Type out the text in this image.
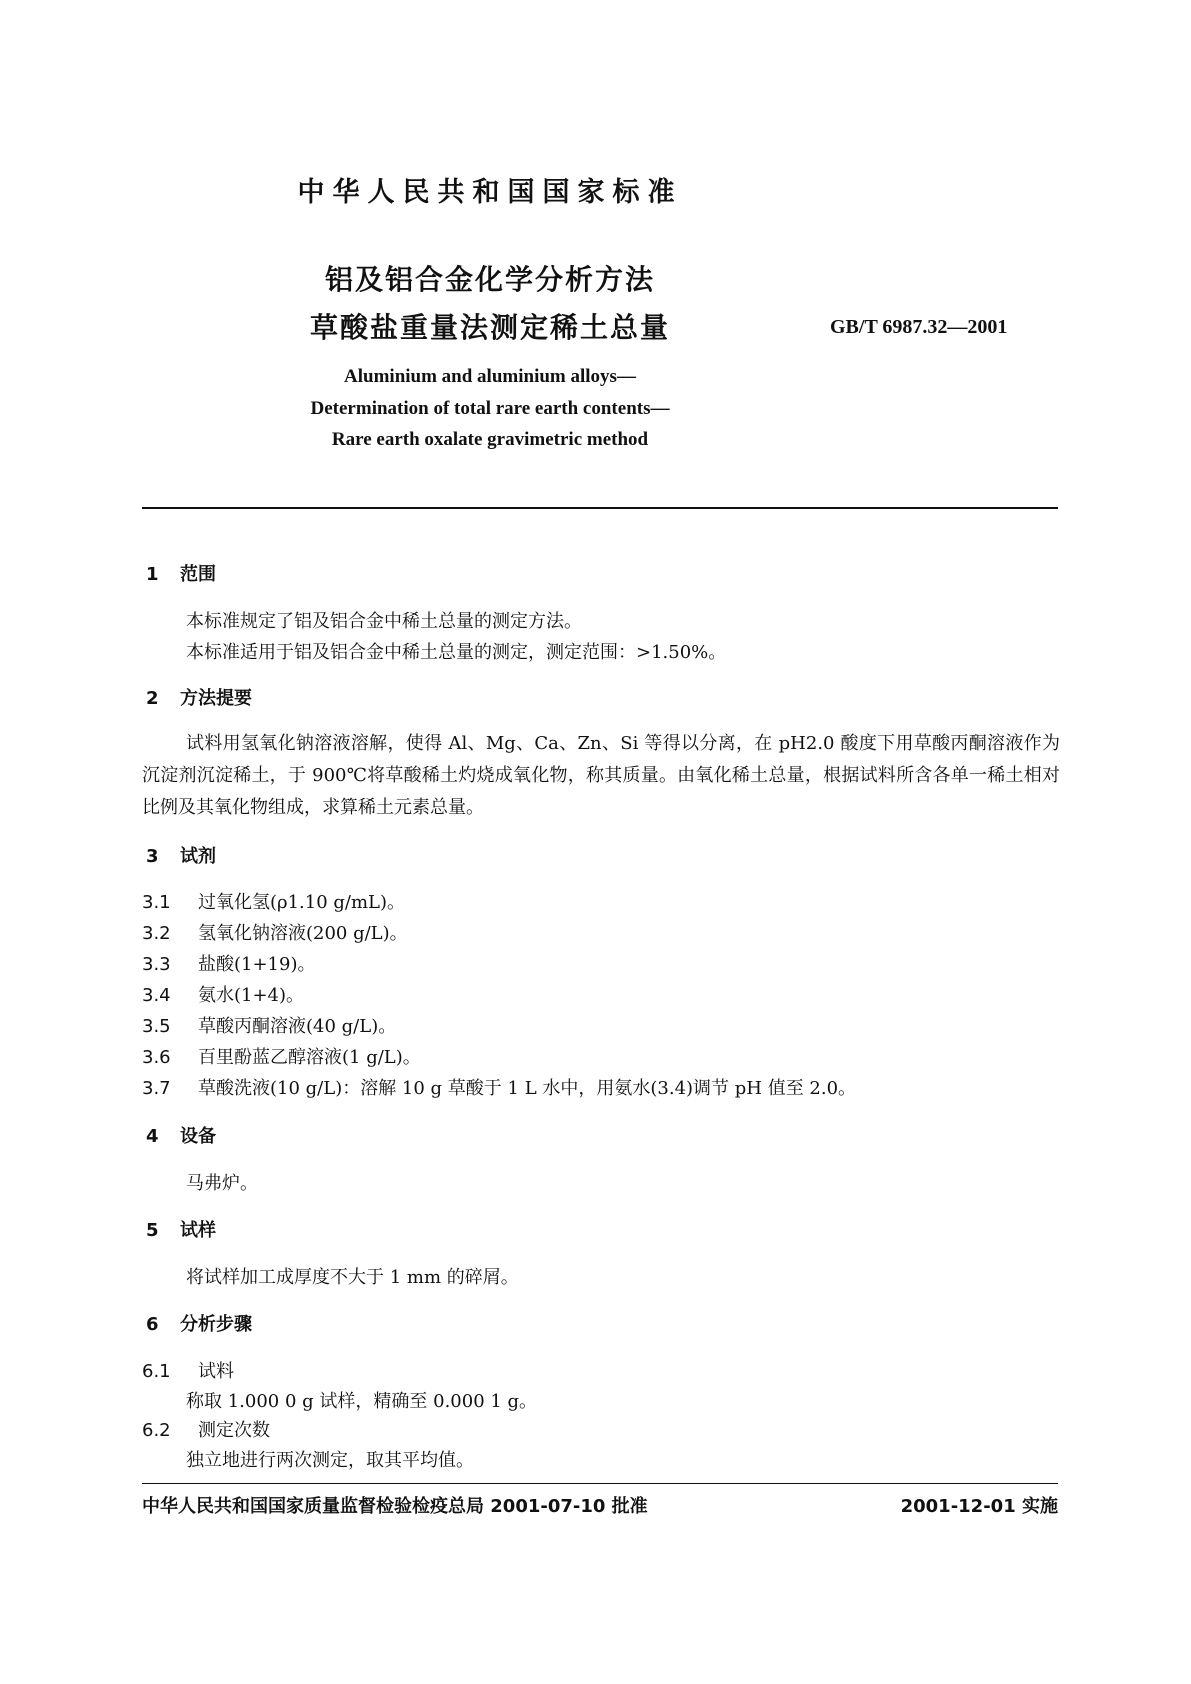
中华人民共和国国家标准
铝及铝合金化学分析方法
草酸盐重量法测定稀土总量	GB/T 6987.32—2001
Aluminium and aluminium alloys—
Determination of total rare earth contents—
Rare earth oxalate gravimetric method
1 范围
本标准规定了铝及铝合金中稀土总量的测定方法。
本标准适用于铝及铝合金中稀土总量的测定，测定范围：>1.50%。
2 方法提要
试料用氢氧化钠溶液溶解，使得 Al、Mg、Ca、Zn、Si 等得以分离，在 pH2.0 酸度下用草酸丙酮溶液作为沉淀剂沉淀稀土，于 900℃将草酸稀土灼烧成氧化物，称其质量。由氧化稀土总量，根据试料所含各单一稀土相对比例及其氧化物组成，求算稀土元素总量。
3 试剂
3.1 过氧化氢(ρ1.10 g/mL)。
3.2 氢氧化钠溶液(200 g/L)。
3.3 盐酸(1+19)。
3.4 氨水(1+4)。
3.5 草酸丙酮溶液(40 g/L)。
3.6 百里酚蓝乙醇溶液(1 g/L)。
3.7 草酸洗液(10 g/L)：溶解 10 g 草酸于 1 L 水中，用氨水(3.4)调节 pH 值至 2.0。
4 设备
马弗炉。
5 试样
将试样加工成厚度不大于 1 mm 的碎屑。
6 分析步骤
6.1 试料
称取 1.000 0 g 试样，精确至 0.000 1 g。
6.2 测定次数
独立地进行两次测定，取其平均值。
中华人民共和国国家质量监督检验检疫总局 2001-07-10 批准	2001-12-01 实施
